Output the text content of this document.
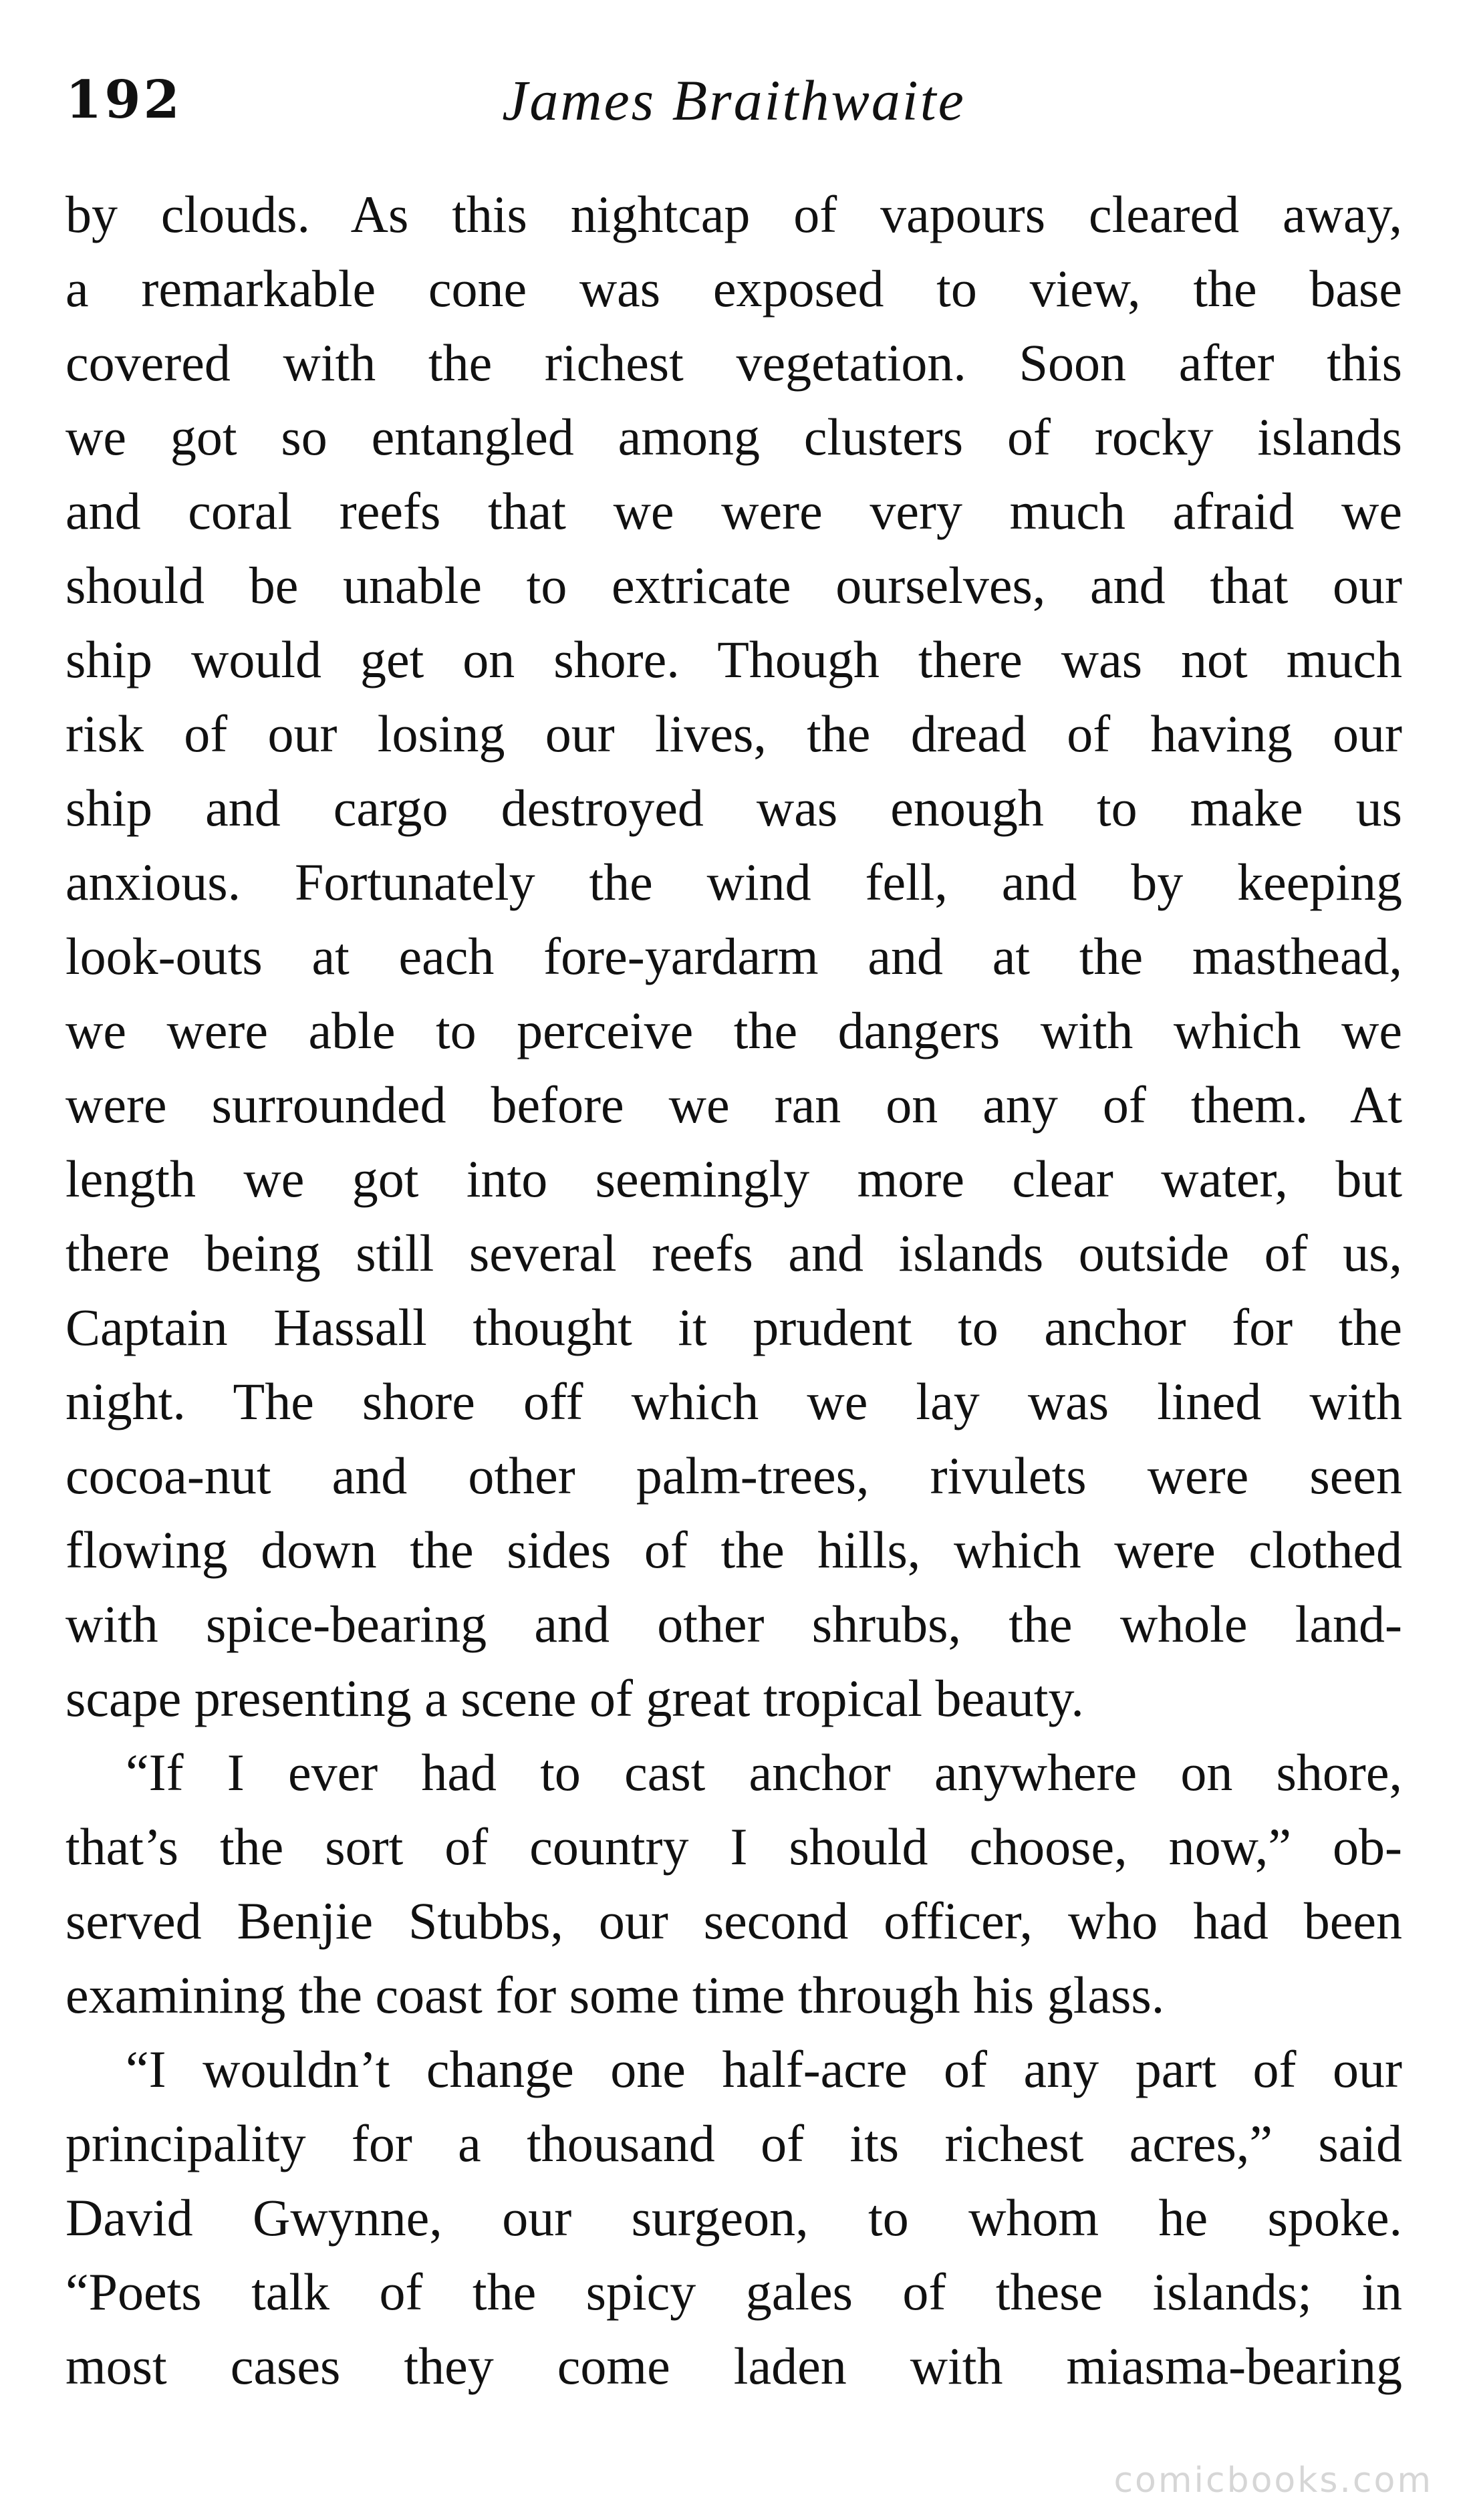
James Braithwaite
192
by clouds. As this nightcap of vapours cleared away,
a remarkable cone was exposed to view, the base
covered with the richest vegetation. Soon after this
we got so entangled among clusters of rocky islands
and coral reefs that we were very much afraid we
should be unable to extricate ourselves, and that our
ship would get on shore. Though there was not much
risk of our losing our lives, the dread of having our
ship and cargo destroyed was enough to make us
anxious. Fortunately the wind fell, and by keeping
look-outs at each fore-yardarm and at the masthead,
we were able to perceive the dangers with which we
were surrounded before we ran on any of them. At
length we got into seemingly more clear water, but
there being still several reefs and islands outside of us,
Captain Hassall thought it prudent to anchor for the
night. The shore off which we lay was lined with
cocoa-nut and other palm-trees, rivulets were seen
flowing down the sides of the hills, which were clothed
with spice-bearing and other shrubs, the whole land-
scape presenting a scene of great tropical beauty.
“If I ever had to cast anchor anywhere on shore,
that’s the sort of country I should choose, now,” ob-
served Benjie Stubbs, our second officer, who had been
examining the coast for some time through his glass.
“I wouldn’t change one half-acre of any part of our
principality for a thousand of its richest acres,” said
David Gwynne, our surgeon, to whom he spoke.
“Poets talk of the spicy gales of these islands; in
most cases they come laden with miasma-bearing
comicbooks.com
